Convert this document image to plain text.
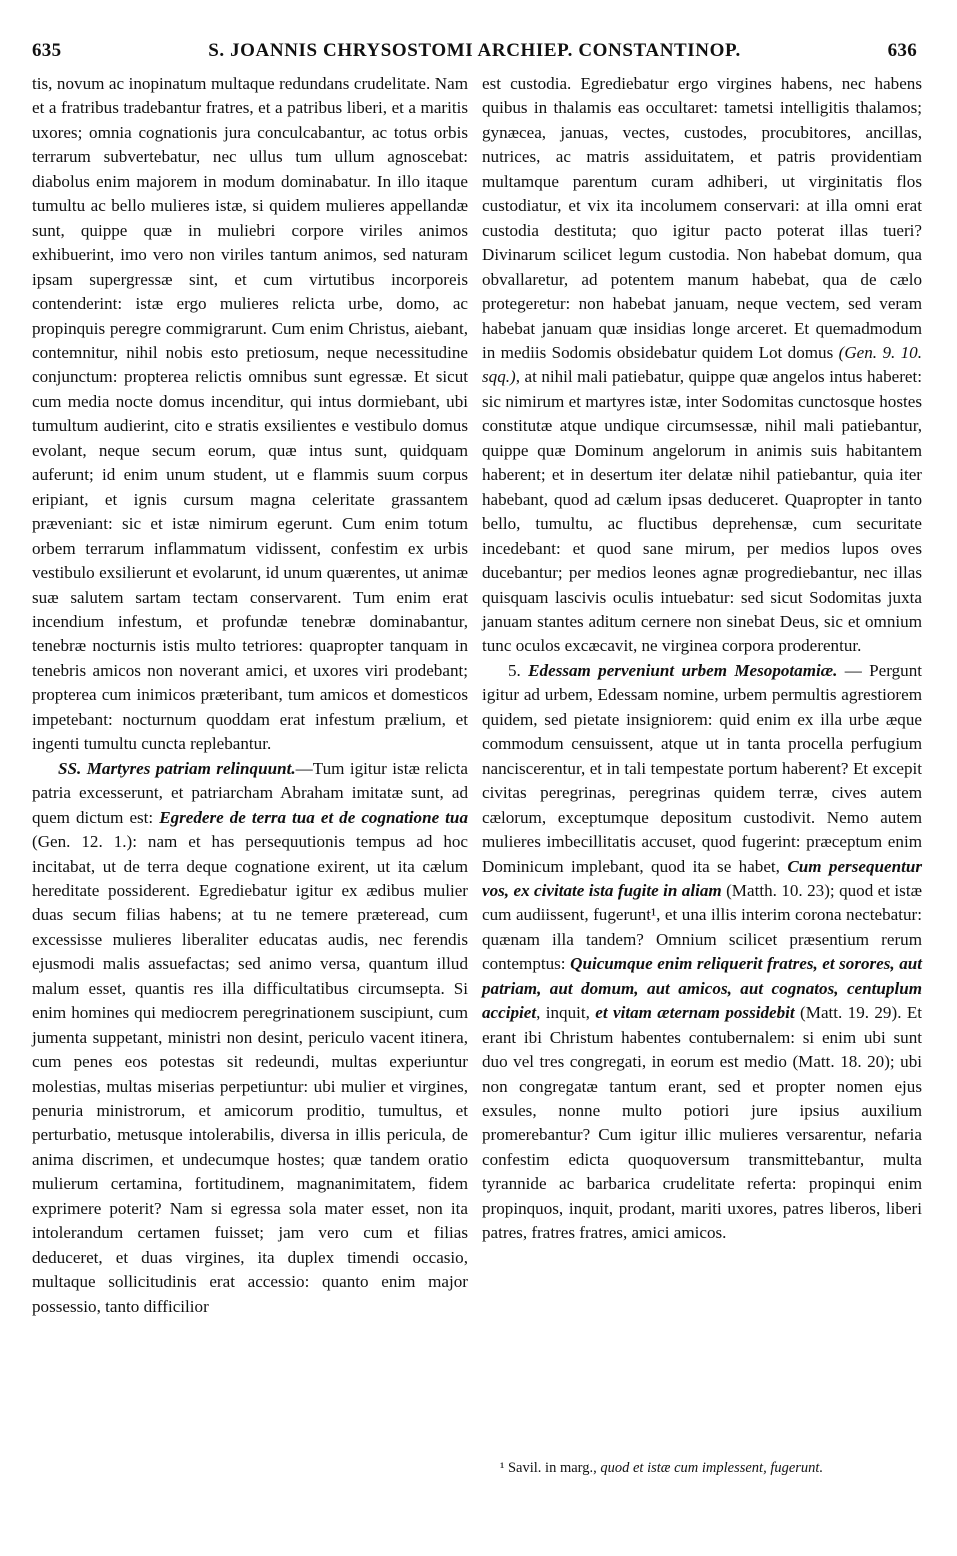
635	S. JOANNIS CHRYSOSTOMI ARCHIEP. CONSTANTINOP.	636

tis, novum ac inopinatum multaque redundans crudelitate. Nam et a fratribus tradebantur fratres, et a patribus liberi, et a maritis uxores; omnia cognationis jura conculcabantur, ac totus orbis terrarum subvertebatur, nec ullus tum ullum agnoscebat: diabolus enim majorem in modum dominabatur. In illo itaque tumultu ac bello mulieres istæ, si quidem mulieres appellandæ sunt, quippe quæ in muliebri corpore viriles animos exhibuerint, imo vero non viriles tantum animos, sed naturam ipsam supergressæ sint, et cum virtutibus incorporeis contenderint: istæ ergo mulieres relicta urbe, domo, ac propinquis peregre commigrarunt. Cum enim Christus, aiebant, contemnitur, nihil nobis esto pretiosum, neque necessitudine conjunctum: propterea relictis omnibus sunt egressæ. Et sicut cum media nocte domus incenditur, qui intus dormiebant, ubi tumultum audierint, cito e stratis exsilientes e vestibulo domus evolant, neque secum eorum, quæ intus sunt, quidquam auferunt; id enim unum student, ut e flammis suum corpus eripiant, et ignis cursum magna celeritate grassantem præveniant: sic et istæ nimirum egerunt. Cum enim totum orbem terrarum inflammatum vidissent, confestim ex urbis vestibulo exsilierunt et evolarunt, id unum quærentes, ut animæ suæ salutem sartam tectam conservarent. Tum enim erat incendium infestum, et profundæ tenebræ dominabantur, tenebræ nocturnis istis multo tetriores: quapropter tanquam in tenebris amicos non noverant amici, et uxores viri prodebant; propterea cum inimicos præteribant, tum amicos et domesticos impetebant: nocturnum quoddam erat infestum prælium, et ingenti tumultu cuncta replebantur.

SS. Martyres patriam relinquunt.—Tum igitur istæ relicta patria excesserunt, et patriarcham Abraham imitatæ sunt, ad quem dictum est: Egredere de terra tua et de cognatione tua (Gen. 12. 1.): nam et has persequutionis tempus ad hoc incitabat, ut de terra deque cognatione exirent, ut ita cælum hereditate possiderent. Egrediebatur igitur ex ædibus mulier duas secum filias habens; at tu ne temere præteread, cum excessisse mulieres liberaliter educatas audis, nec ferendis ejusmodi malis assuefactas; sed animo versa, quantum illud malum esset, quantis res illa difficultatibus circumsepta. Si enim homines qui mediocrem peregrinationem suscipiunt, cum jumenta suppetant, ministri non desint, periculo vacent itinera, cum penes eos potestas sit redeundi, multas experiuntur molestias, multas miserias perpetiuntur: ubi mulier et virgines, penuria ministrorum, et amicorum proditio, tumultus, et perturbatio, metusque intolerabilis, diversa in illis pericula, de anima discrimen, et undecumque hostes; quæ tandem oratio mulierum certamina, fortitudinem, magnanimitatem, fidem exprimere poterit? Nam si egressa sola mater esset, non ita intolerandum certamen fuisset; jam vero cum et filias deduceret, et duas virgines, ita duplex timendi occasio, multaque sollicitudinis erat accessio: quanto enim major possessio, tanto difficilior

est custodia. Egrediebatur ergo virgines habens, nec habens quibus in thalamis eas occultaret: tametsi intelligitis thalamos; gynæcea, januas, vectes, custodes, procubitores, ancillas, nutrices, ac matris assiduitatem, et patris providentiam multamque parentum curam adhiberi, ut virginitatis flos custodiatur, et vix ita incolumem conservari: at illa omni erat custodia destituta; quo igitur pacto poterat illas tueri? Divinarum scilicet legum custodia. Non habebat domum, qua obvallaretur, ad potentem manum habebat, qua de cælo protegeretur: non habebat januam, neque vectem, sed veram habebat januam quæ insidias longe arceret. Et quemadmodum in mediis Sodomis obsidebatur quidem Lot domus (Gen. 9. 10. sqq.), at nihil mali patiebatur, quippe quæ angelos intus haberet: sic nimirum et martyres istæ, inter Sodomitas cunctosque hostes constitutæ atque undique circumsessæ, nihil mali patiebantur, quippe quæ Dominum angelorum in animis suis habitantem haberent; et in desertum iter delatæ nihil patiebantur, quia iter habebant, quod ad cælum ipsas deduceret. Quapropter in tanto bello, tumultu, ac fluctibus deprehensæ, cum securitate incedebant: et quod sane mirum, per medios lupos oves ducebantur; per medios leones agnæ progrediebantur, nec illas quisquam lascivis oculis intuebatur: sed sicut Sodomitas juxta januam stantes aditum cernere non sinebat Deus, sic et omnium tunc oculos excæcavit, ne virginea corpora proderentur.

5. Edessam perveniunt urbem Mesopotamiæ. — Pergunt igitur ad urbem, Edessam nomine, urbem permultis agrestiorem quidem, sed pietate insigniorem: quid enim ex illa urbe æque commodum censuissent, atque ut in tanta procella perfugium nanciscerentur, et in tali tempestate portum haberent? Et excepit civitas peregrinas, peregrinas quidem terræ, cives autem cælorum, exceptumque depositum custodivit. Nemo autem mulieres imbecillitatis accuset, quod fugerint: præceptum enim Dominicum implebant, quod ita se habet, Cum persequentur vos, ex civitate ista fugite in aliam (Matth. 10. 23); quod et istæ cum audiissent, fugerunt¹, et una illis interim corona nectebatur: quænam illa tandem? Omnium scilicet præsentium rerum contemptus: Quicumque enim reliquerit fratres, et sorores, aut patriam, aut domum, aut amicos, aut cognatos, centuplum accipiet, inquit, et vitam æternam possidebit (Matt. 19. 29). Et erant ibi Christum habentes contubernalem: si enim ubi sunt duo vel tres congregati, in eorum est medio (Matt. 18. 20); ubi non congregatæ tantum erant, sed et propter nomen ejus exsules, nonne multo potiori jure ipsius auxilium promerebantur? Cum igitur illic mulieres versarentur, nefaria confestim edicta quoquoversum transmittebantur, multa tyrannide ac barbarica crudelitate referta: propinqui enim propinquos, inquit, prodant, mariti uxores, patres liberos, liberi patres, fratres fratres, amici amicos.

¹ Savil. in marg., quod et istæ cum implessent, fugerunt.
